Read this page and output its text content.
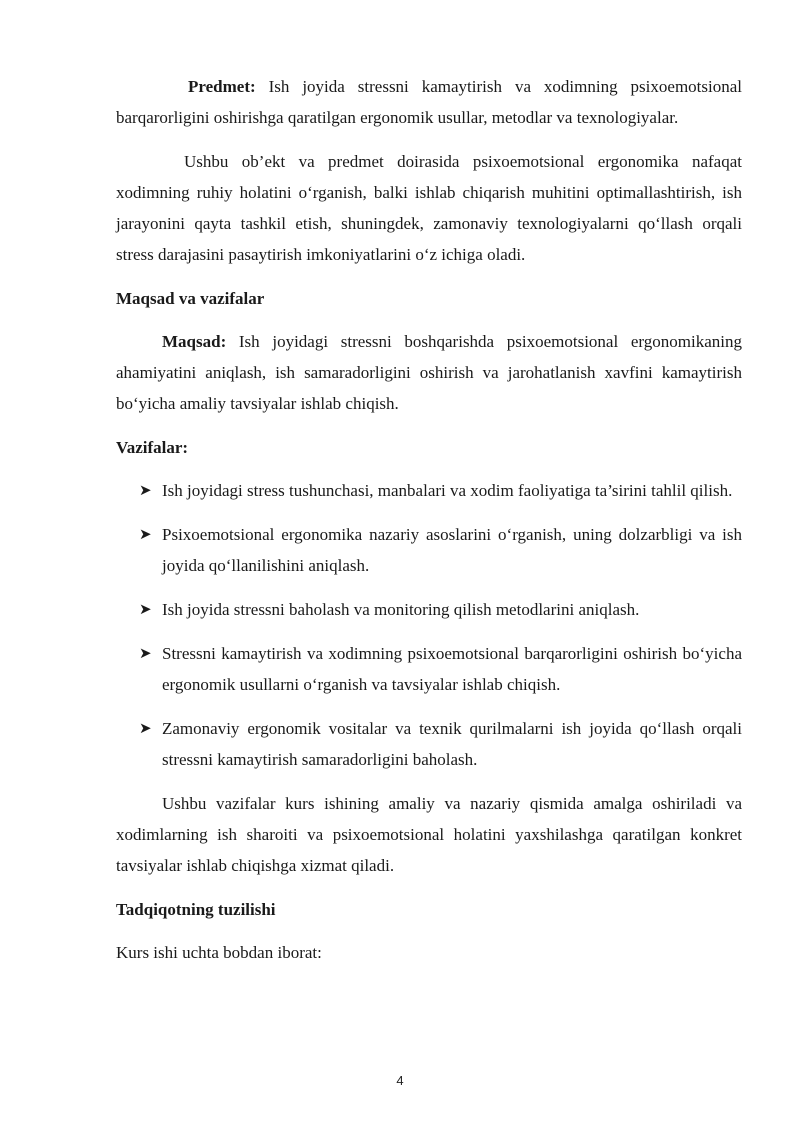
Predmet: Ish joyida stressni kamaytirish va xodimning psixoemotsional barqarorligini oshirishga qaratilgan ergonomik usullar, metodlar va texnologiyalar.

Ushbu ob’ekt va predmet doirasida psixoemotsional ergonomika nafaqat xodimning ruhiy holatini o‘rganish, balki ishlab chiqarish muhitini optimallashtirish, ish jarayonini qayta tashkil etish, shuningdek, zamonaviy texnologiyalarni qo‘llash orqali stress darajasini pasaytirish imkoniyatlarini o‘z ichiga oladi.

Maqsad va vazifalar

Maqsad: Ish joyidagi stressni boshqarishda psixoemotsional ergonomikaning ahamiyatini aniqlash, ish samaradorligini oshirish va jarohatlanish xavfini kamaytirish bo‘yicha amaliy tavsiyalar ishlab chiqish.

Vazifalar:

➤ Ish joyidagi stress tushunchasi, manbalari va xodim faoliyatiga ta’sirini tahlil qilish.

➤ Psixoemotsional ergonomika nazariy asoslarini o‘rganish, uning dolzarbligi va ish joyida qo‘llanilishini aniqlash.

➤ Ish joyida stressni baholash va monitoring qilish metodlarini aniqlash.

➤ Stressni kamaytirish va xodimning psixoemotsional barqarorligini oshirish bo‘yicha ergonomik usullarni o‘rganish va tavsiyalar ishlab chiqish.

➤ Zamonaviy ergonomik vositalar va texnik qurilmalarni ish joyida qo‘llash orqali stressni kamaytirish samaradorligini baholash.

Ushbu vazifalar kurs ishining amaliy va nazariy qismida amalga oshiriladi va xodimlarning ish sharoiti va psixoemotsional holatini yaxshilashga qaratilgan konkret tavsiyalar ishlab chiqishga xizmat qiladi.

Tadqiqotning tuzilishi

Kurs ishi uchta bobdan iborat:

4
